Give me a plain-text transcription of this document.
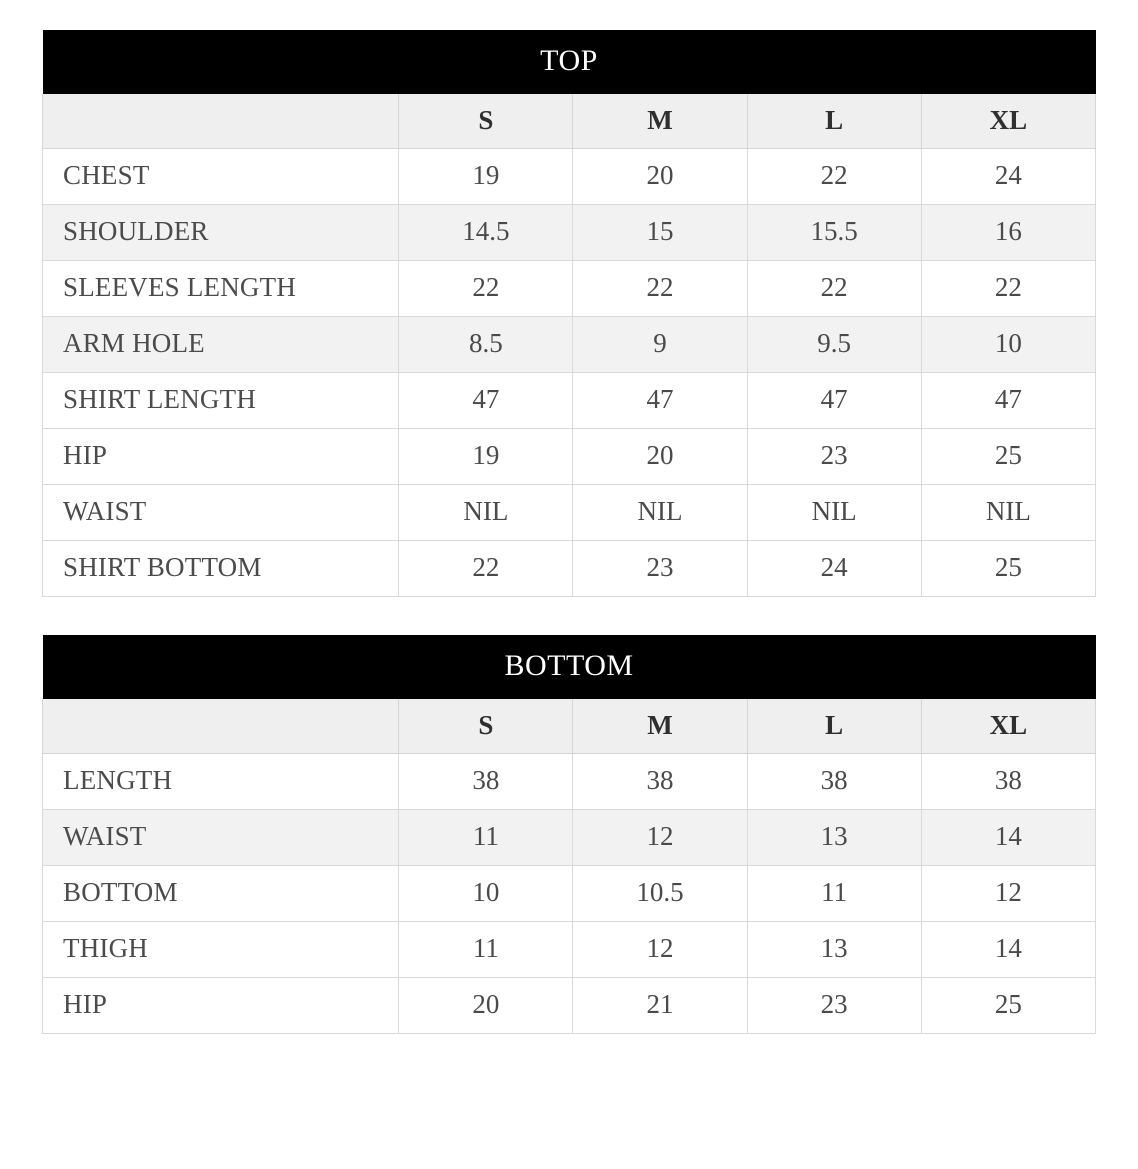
TOP				
	S	M	L	XL
CHEST	19	20	22	24
SHOULDER	14.5	15	15.5	16
SLEEVES LENGTH	22	22	22	22
ARM HOLE	8.5	9	9.5	10
SHIRT LENGTH	47	47	47	47
HIP	19	20	23	25
WAIST	NIL	NIL	NIL	NIL
SHIRT BOTTOM	22	23	24	25
BOTTOM				
	S	M	L	XL
LENGTH	38	38	38	38
WAIST	11	12	13	14
BOTTOM	10	10.5	11	12
THIGH	11	12	13	14
HIP	20	21	23	25
